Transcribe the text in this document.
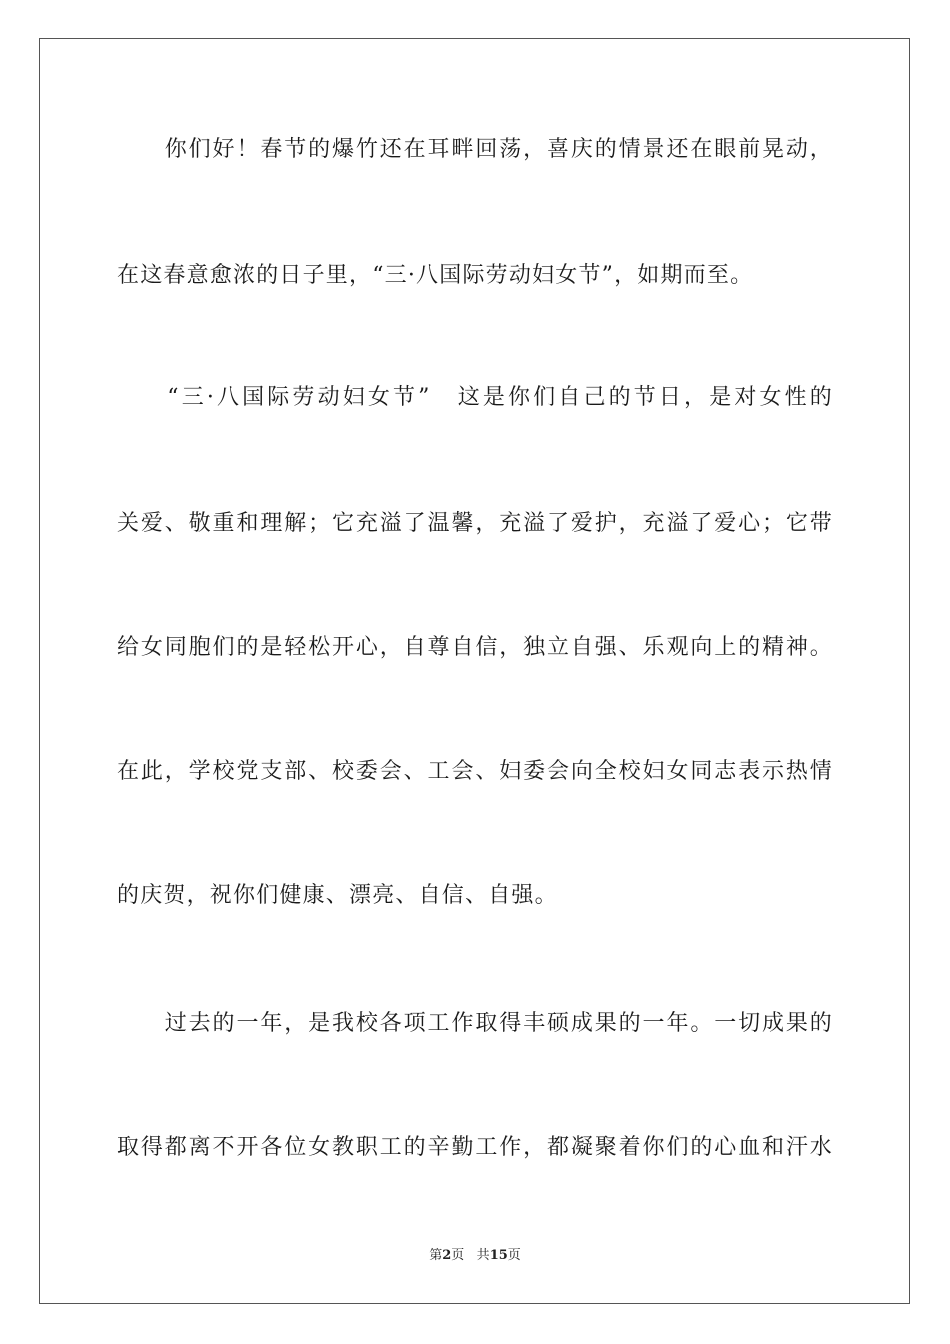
　　你们好！春节的爆竹还在耳畔回荡，喜庆的情景还在眼前晃动，
在这春意愈浓的日子里，“三·八国际劳动妇女节”，如期而至。
　　“三·八国际劳动妇女节”　这是你们自己的节日，是对女性的
关爱、敬重和理解；它充溢了温馨，充溢了爱护，充溢了爱心；它带
给女同胞们的是轻松开心，自尊自信，独立自强、乐观向上的精神。
在此，学校党支部、校委会、工会、妇委会向全校妇女同志表示热情
的庆贺，祝你们健康、漂亮、自信、自强。
　　过去的一年，是我校各项工作取得丰硕成果的一年。一切成果的
取得都离不开各位女教职工的辛勤工作，都凝聚着你们的心血和汗水
第2页 共15页
